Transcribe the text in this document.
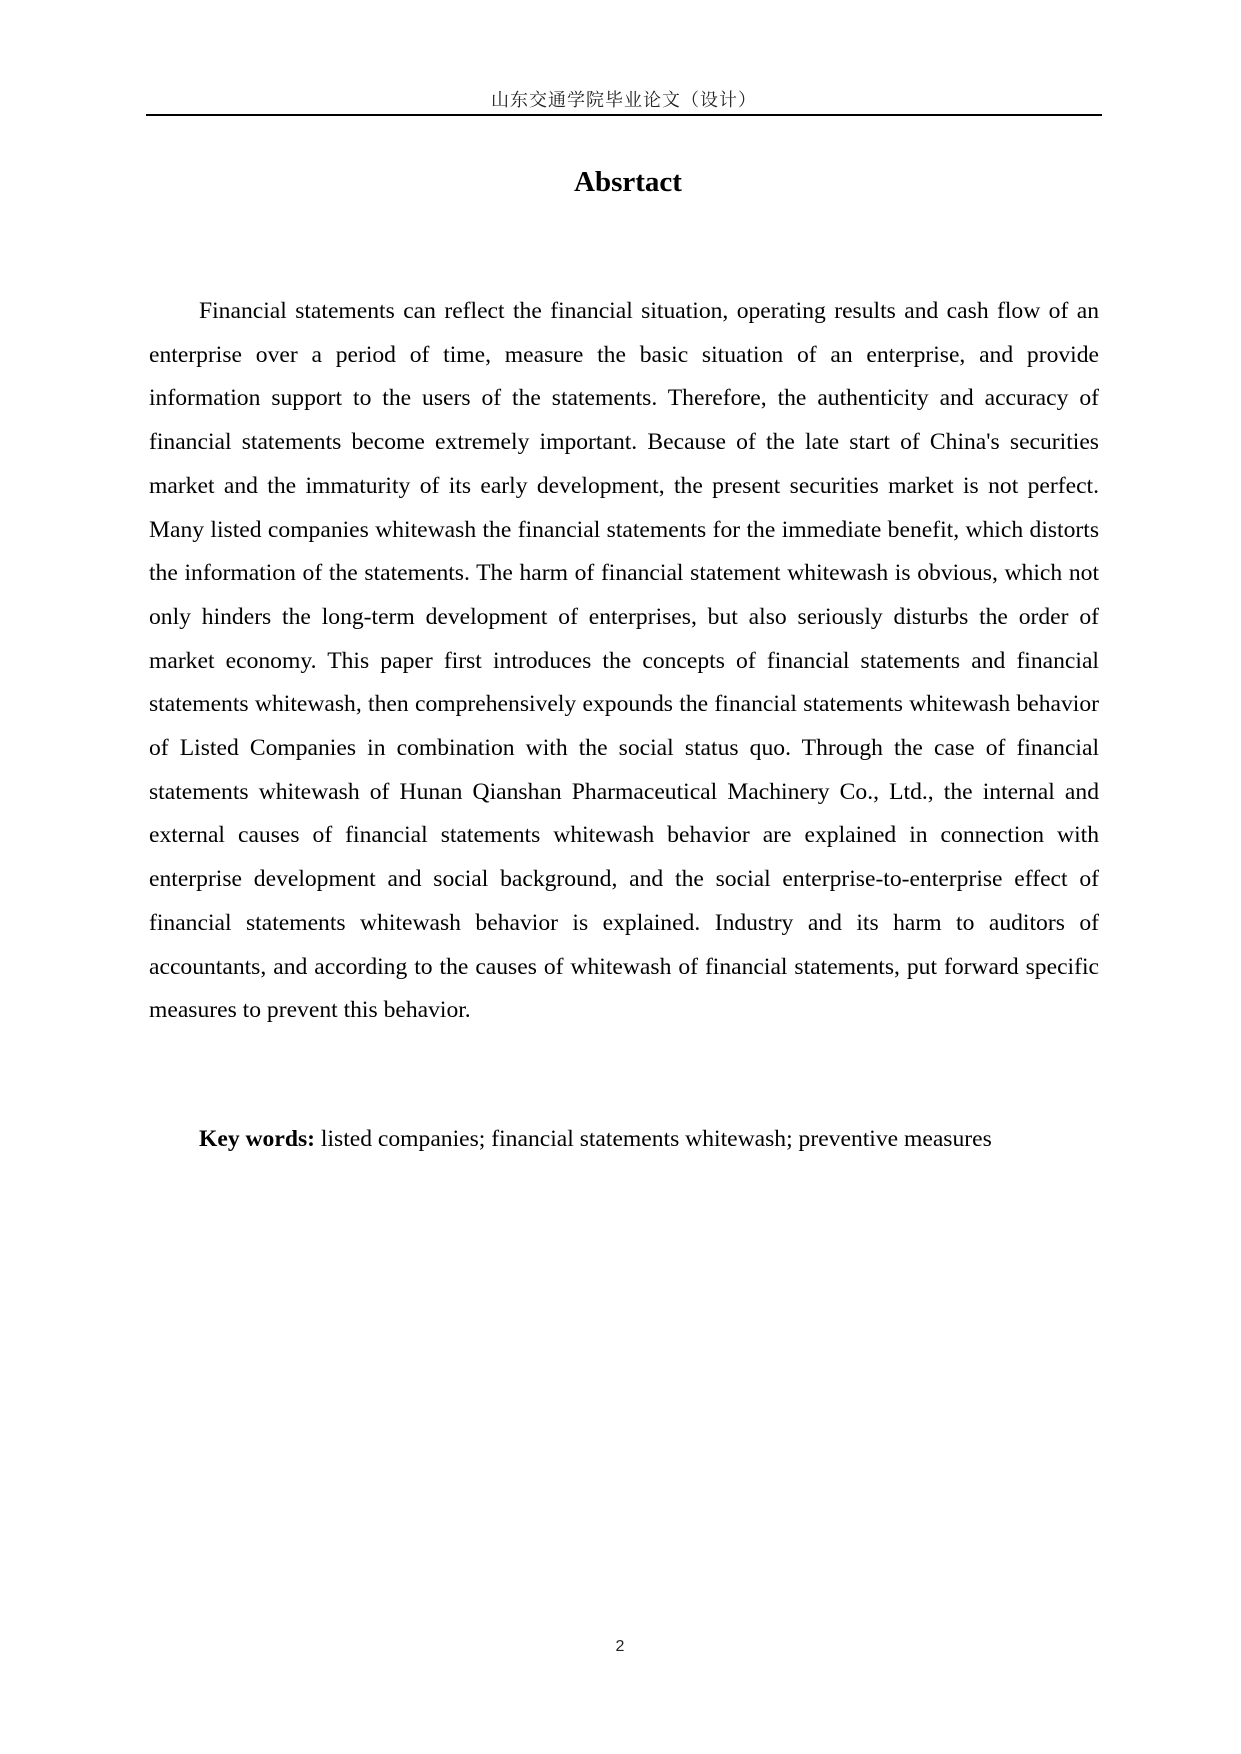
山东交通学院毕业论文（设计）
Absrtact

Financial statements can reflect the financial situation, operating results and cash flow of an enterprise over a period of time, measure the basic situation of an enterprise, and provide information support to the users of the statements. Therefore, the authenticity and accuracy of financial statements become extremely important. Because of the late start of China's securities market and the immaturity of its early development, the present securities market is not perfect. Many listed companies whitewash the financial statements for the immediate benefit, which distorts the information of the statements. The harm of financial statement whitewash is obvious, which not only hinders the long-term development of enterprises, but also seriously disturbs the order of market economy. This paper first introduces the concepts of financial statements and financial statements whitewash, then comprehensively expounds the financial statements whitewash behavior of Listed Companies in combination with the social status quo. Through the case of financial statements whitewash of Hunan Qianshan Pharmaceutical Machinery Co., Ltd., the internal and external causes of financial statements whitewash behavior are explained in connection with enterprise development and social background, and the social enterprise-to-enterprise effect of financial statements whitewash behavior is explained. Industry and its harm to auditors of accountants, and according to the causes of whitewash of financial statements, put forward specific measures to prevent this behavior.

Key words: listed companies; financial statements whitewash; preventive measures

2
